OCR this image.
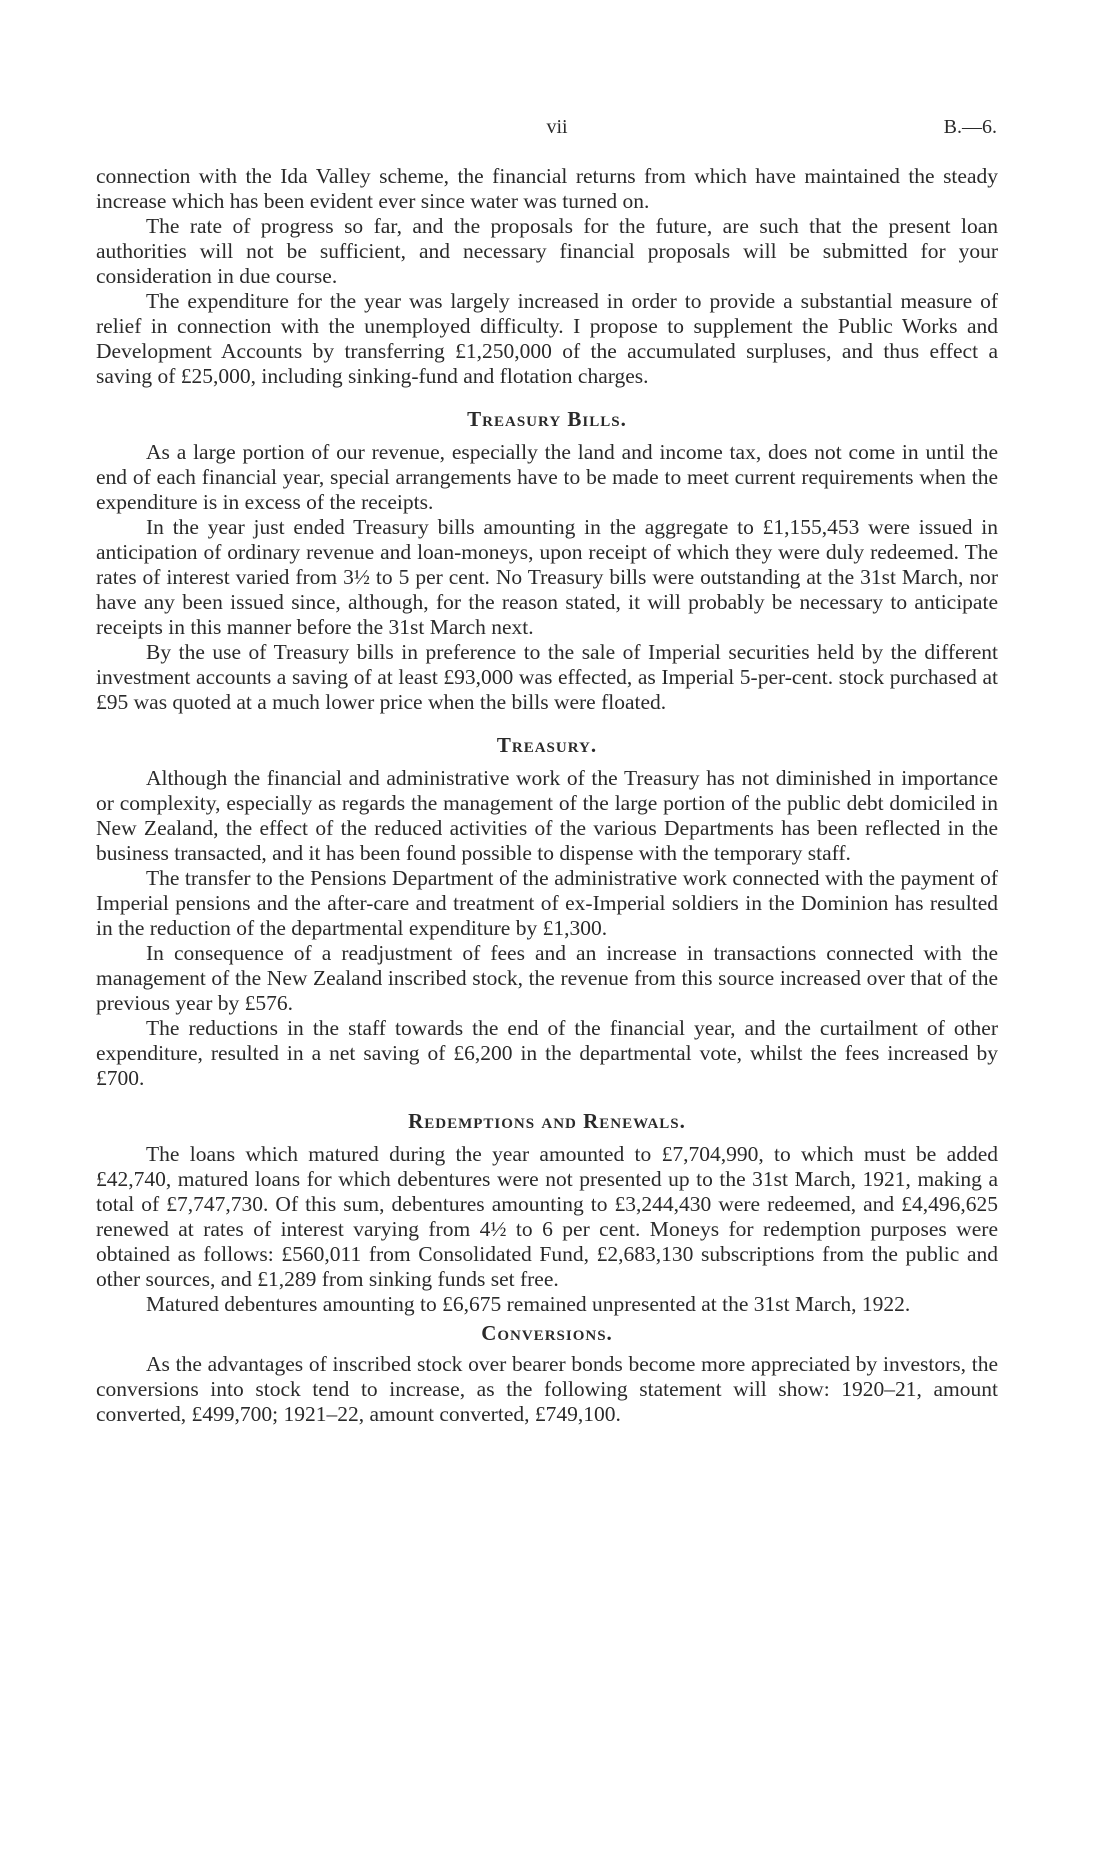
vii	B.—6.

connection with the Ida Valley scheme, the financial returns from which have maintained the steady increase which has been evident ever since water was turned on.

The rate of progress so far, and the proposals for the future, are such that the present loan authorities will not be sufficient, and necessary financial proposals will be submitted for your consideration in due course.

The expenditure for the year was largely increased in order to provide a substantial measure of relief in connection with the unemployed difficulty. I propose to supplement the Public Works and Development Accounts by transferring £1,250,000 of the accumulated surpluses, and thus effect a saving of £25,000, including sinking-fund and flotation charges.

Treasury Bills.

As a large portion of our revenue, especially the land and income tax, does not come in until the end of each financial year, special arrangements have to be made to meet current requirements when the expenditure is in excess of the receipts.

In the year just ended Treasury bills amounting in the aggregate to £1,155,453 were issued in anticipation of ordinary revenue and loan-moneys, upon receipt of which they were duly redeemed. The rates of interest varied from 3½ to 5 per cent. No Treasury bills were outstanding at the 31st March, nor have any been issued since, although, for the reason stated, it will probably be necessary to anticipate receipts in this manner before the 31st March next.

By the use of Treasury bills in preference to the sale of Imperial securities held by the different investment accounts a saving of at least £93,000 was effected, as Imperial 5-per-cent. stock purchased at £95 was quoted at a much lower price when the bills were floated.

Treasury.

Although the financial and administrative work of the Treasury has not diminished in importance or complexity, especially as regards the management of the large portion of the public debt domiciled in New Zealand, the effect of the reduced activities of the various Departments has been reflected in the business transacted, and it has been found possible to dispense with the temporary staff.

The transfer to the Pensions Department of the administrative work connected with the payment of Imperial pensions and the after-care and treatment of ex-Imperial soldiers in the Dominion has resulted in the reduction of the departmental expenditure by £1,300.

In consequence of a readjustment of fees and an increase in transactions connected with the management of the New Zealand inscribed stock, the revenue from this source increased over that of the previous year by £576.

The reductions in the staff towards the end of the financial year, and the curtailment of other expenditure, resulted in a net saving of £6,200 in the departmental vote, whilst the fees increased by £700.

Redemptions and Renewals.

The loans which matured during the year amounted to £7,704,990, to which must be added £42,740, matured loans for which debentures were not presented up to the 31st March, 1921, making a total of £7,747,730. Of this sum, debentures amounting to £3,244,430 were redeemed, and £4,496,625 renewed at rates of interest varying from 4½ to 6 per cent. Moneys for redemption purposes were obtained as follows: £560,011 from Consolidated Fund, £2,683,130 subscriptions from the public and other sources, and £1,289 from sinking funds set free.

Matured debentures amounting to £6,675 remained unpresented at the 31st March, 1922.

Conversions.

As the advantages of inscribed stock over bearer bonds become more appreciated by investors, the conversions into stock tend to increase, as the following statement will show: 1920–21, amount converted, £499,700; 1921–22, amount converted, £749,100.
